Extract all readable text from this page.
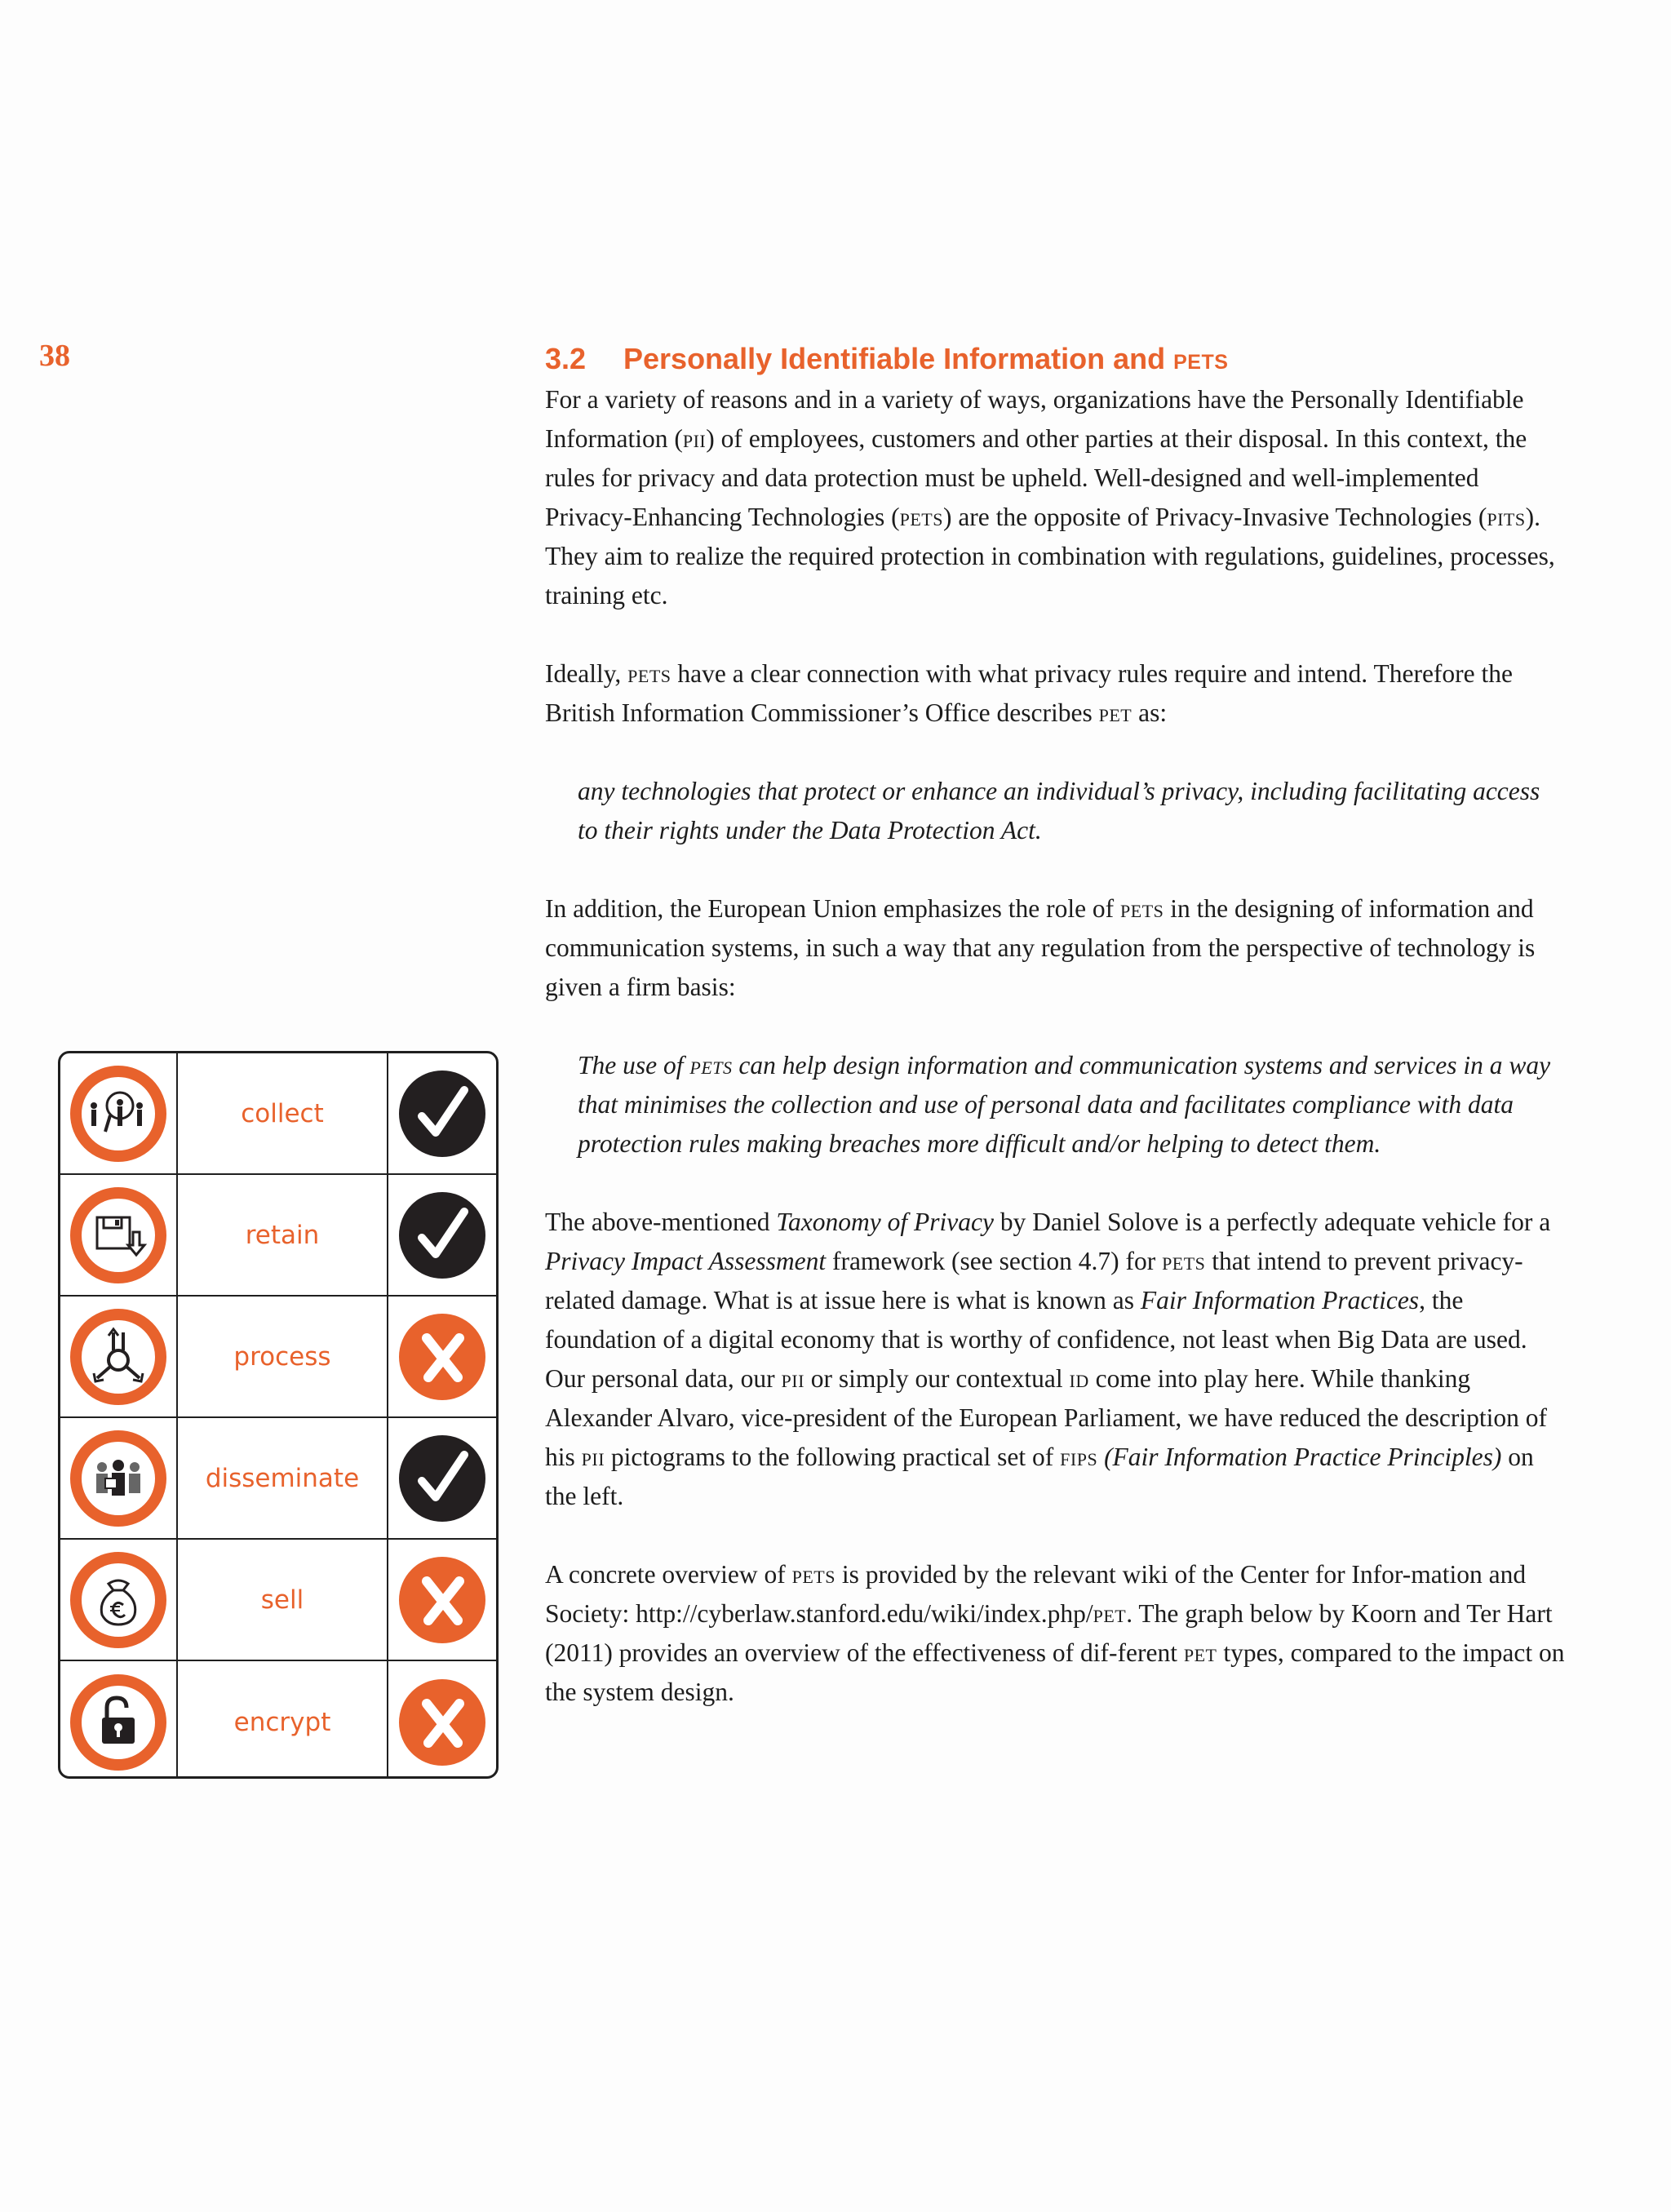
38	3.2 Personally Identifiable Information and pets

For a variety of reasons and in a variety of ways, organizations have the Personally Identifiable Information (pii) of employees, customers and other parties at their disposal. In this context, the rules for privacy and data protection must be upheld. Well-designed and well-implemented Privacy-Enhancing Technologies (pets) are the opposite of Privacy-Invasive Technologies (pits). They aim to realize the required protection in combination with regulations, guidelines, processes, training etc.

Ideally, pets have a clear connection with what privacy rules require and intend. Therefore the British Information Commissioner’s Office describes pet as:

any technologies that protect or enhance an individual’s privacy, including facilitating access to their rights under the Data Protection Act.

In addition, the European Union emphasizes the role of pets in the designing of information and communication systems, in such a way that any regulation from the perspective of technology is given a firm basis:

The use of pets can help design information and communication systems and services in a way that minimises the collection and use of personal data and facilitates compliance with data protection rules making breaches more difficult and/or helping to detect them.

The above-mentioned Taxonomy of Privacy by Daniel Solove is a perfectly adequate vehicle for a Privacy Impact Assessment framework (see section 4.7) for pets that intend to prevent privacy-related damage. What is at issue here is what is known as Fair Information Practices, the foundation of a digital economy that is worthy of confidence, not least when Big Data are used. Our personal data, our pii or simply our contextual id come into play here. While thanking Alexander Alvaro, vice-president of the European Parliament, we have reduced the description of his pii pictograms to the following practical set of fips (Fair Information Practice Principles) on the left.

A concrete overview of pets is provided by the relevant wiki of the Center for Infor-mation and Society: http://cyberlaw.stanford.edu/wiki/index.php/pet. The graph below by Koorn and Ter Hart (2011) provides an overview of the effectiveness of dif-ferent pet types, compared to the impact on the system design.

collect
retain
process
disseminate
sell
encrypt
